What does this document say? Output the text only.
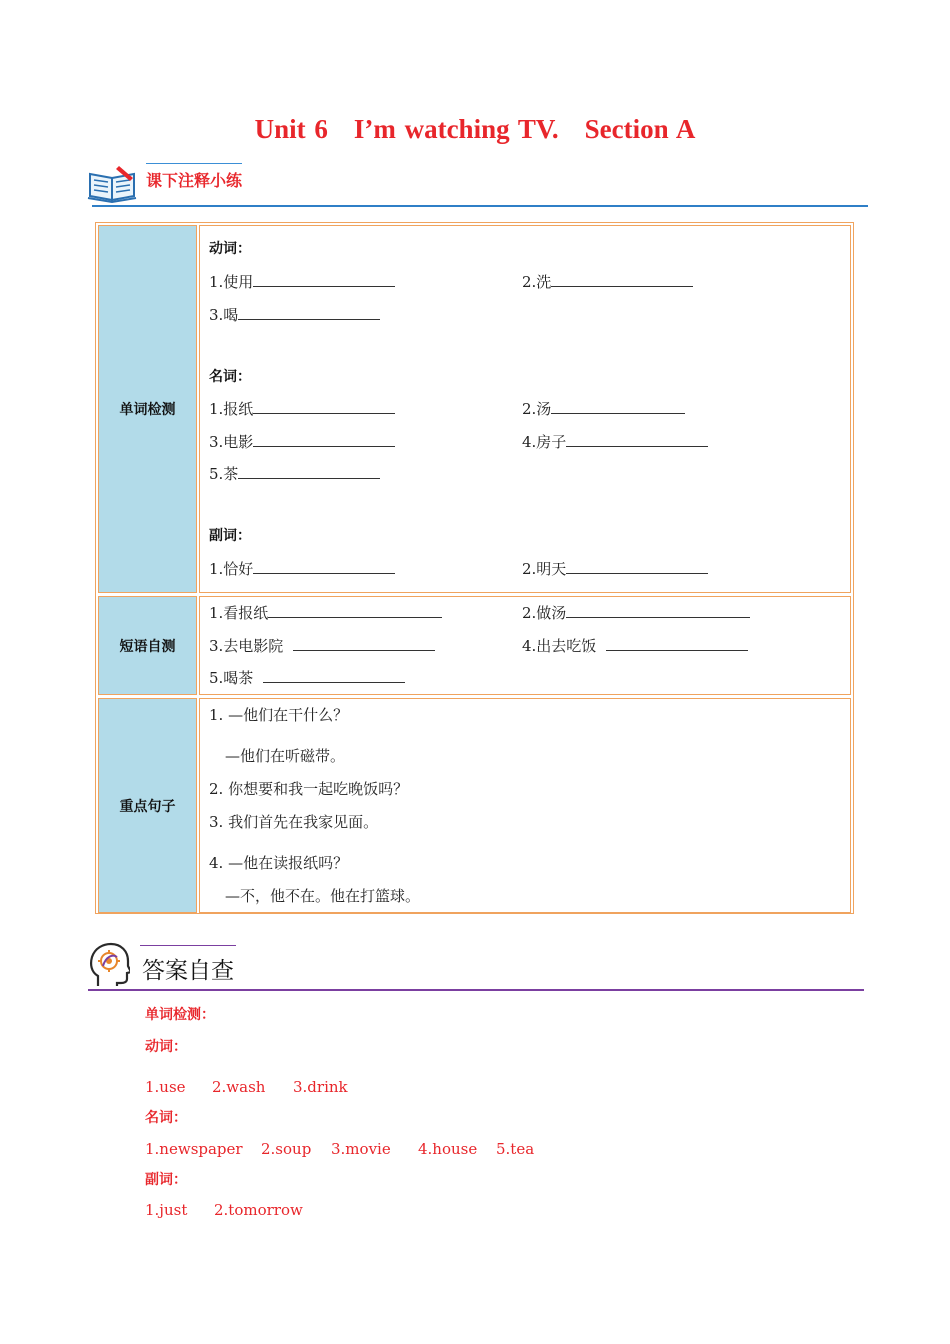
Unit 6 I’m watching TV. Section A
课下注释小练
单词检测
动词：
1.使用	2.洗
3.喝
名词：
1.报纸	2.汤
3.电影	4.房子
5.茶
副词：
1.恰好	2.明天
短语自测
1.看报纸	2.做汤
3.去电影院	4.出去吃饭
5.喝茶
重点句子
1. —他们在干什么？
—他们在听磁带。
2. 你想要和我一起吃晚饭吗？
3. 我们首先在我家见面。
4. —他在读报纸吗？
—不，他不在。他在打篮球。
答案自查
单词检测：
动词：
1.use 2.wash 3.drink
名词：
1.newspaper 2.soup 3.movie 4.house 5.tea
副词：
1.just 2.tomorrow
